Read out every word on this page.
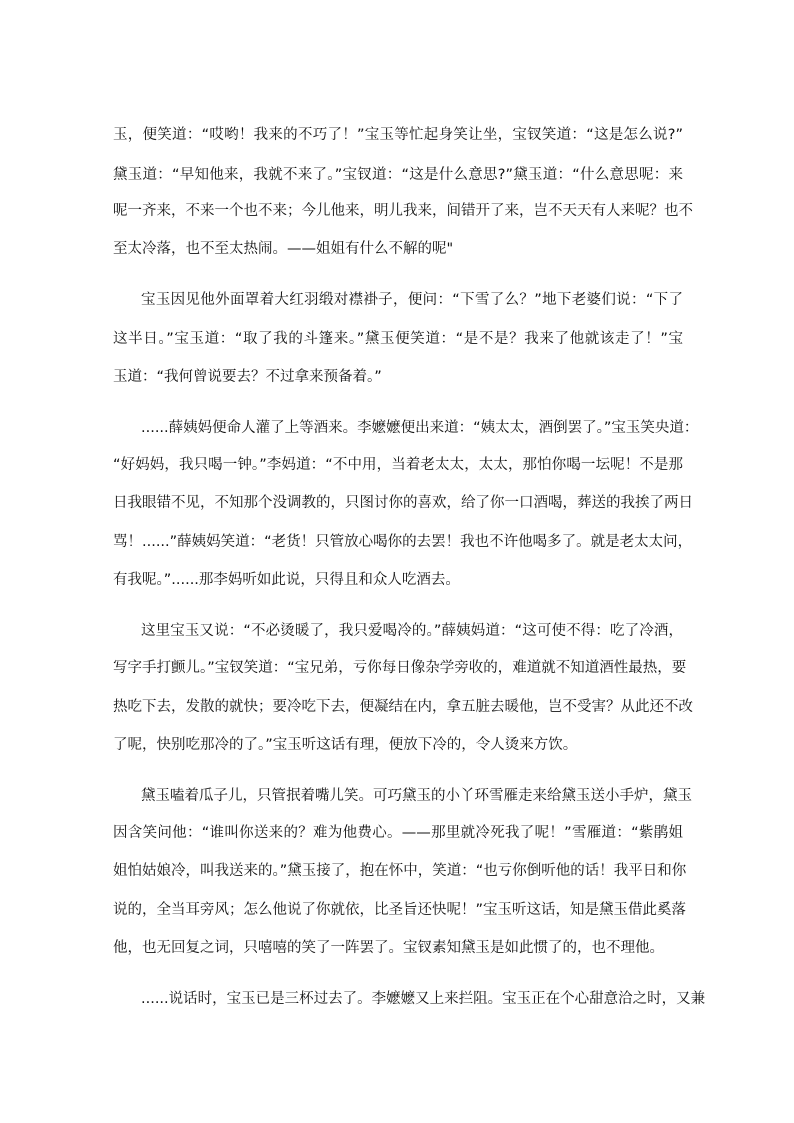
玉，便笑道：“哎哟！我来的不巧了！”宝玉等忙起身笑让坐，宝钗笑道：“这是怎么说?”

黛玉道：“早知他来，我就不来了。”宝钗道：“这是什么意思?”黛玉道：“什么意思呢：来

呢一齐来，不来一个也不来；今儿他来，明儿我来，间错开了来，岂不天天有人来呢？也不

至太冷落，也不至太热闹。——姐姐有什么不解的呢"

宝玉因见他外面罩着大红羽缎对襟褂子，便问：“下雪了么？”地下老婆们说：“下了

这半日。”宝玉道：“取了我的斗篷来。”黛玉便笑道：“是不是？我来了他就该走了！”宝

玉道：“我何曾说要去？不过拿来预备着。”

......薛姨妈便命人灌了上等酒来。李嬷嬷便出来道：“姨太太，酒倒罢了。”宝玉笑央道：

“好妈妈，我只喝一钟。”李妈道：“不中用，当着老太太，太太，那怕你喝一坛呢！不是那

日我眼错不见，不知那个没调教的，只图讨你的喜欢，给了你一口酒喝，葬送的我挨了两日

骂！......”薛姨妈笑道：“老货！只管放心喝你的去罢！我也不许他喝多了。就是老太太问，

有我呢。”......那李妈听如此说，只得且和众人吃酒去。

这里宝玉又说：“不必烫暖了，我只爱喝冷的。”薛姨妈道：“这可使不得：吃了冷酒，

写字手打颤儿。”宝钗笑道：“宝兄弟，亏你每日像杂学旁收的，难道就不知道酒性最热，要

热吃下去，发散的就快；要冷吃下去，便凝结在内，拿五脏去暖他，岂不受害？从此还不改

了呢，快别吃那冷的了。”宝玉听这话有理，便放下冷的，令人烫来方饮。

黛玉嗑着瓜子儿，只管抿着嘴儿笑。可巧黛玉的小丫环雪雁走来给黛玉送小手炉，黛玉

因含笑问他：“谁叫你送来的？难为他费心。——那里就冷死我了呢！”雪雁道：“紫鹃姐

姐怕姑娘冷，叫我送来的。”黛玉接了，抱在怀中，笑道：“也亏你倒听他的话！我平日和你

说的，全当耳旁风；怎么他说了你就依，比圣旨还快呢！”宝玉听这话，知是黛玉借此奚落

他，也无回复之词，只嘻嘻的笑了一阵罢了。宝钗素知黛玉是如此惯了的，也不理他。

......说话时，宝玉已是三杯过去了。李嬷嬷又上来拦阻。宝玉正在个心甜意洽之时，又兼
